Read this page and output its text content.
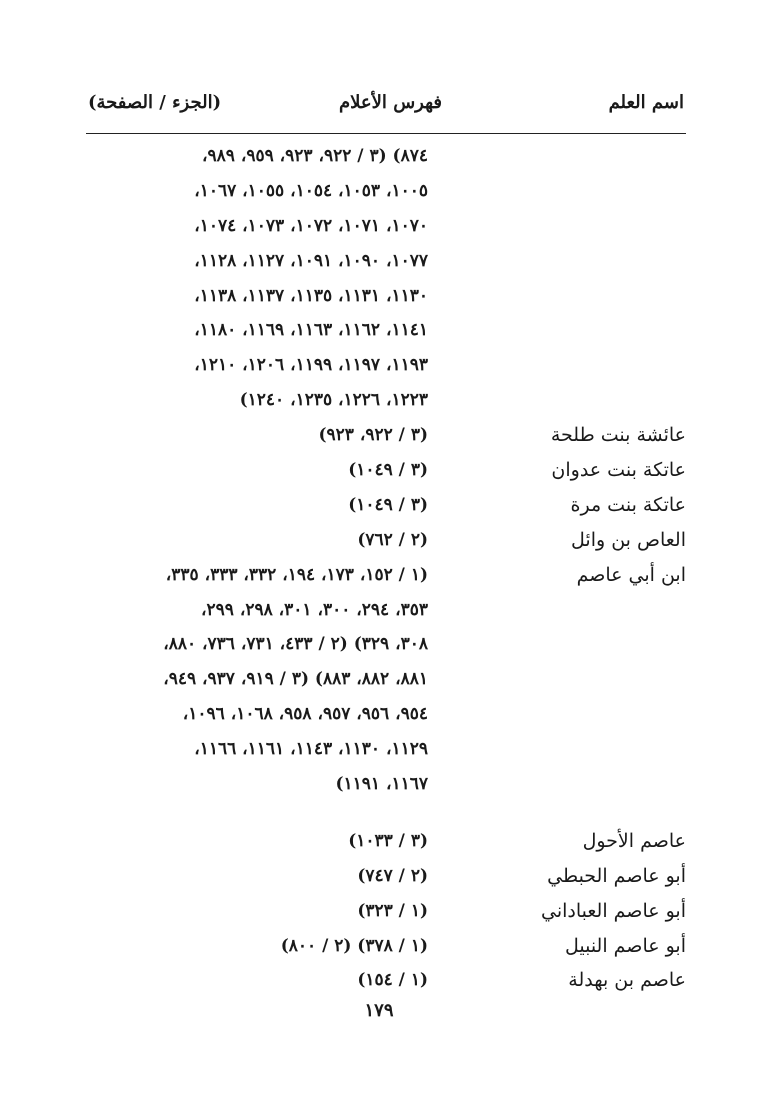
اسم العلم
فهرس الأعلام
(الجزء / الصفحة)
٨٧٤) (٣ / ٩٢٢، ٩٢٣، ٩٥٩، ٩٨٩،
١٠٠٥، ١٠٥٣، ١٠٥٤، ١٠٥٥، ١٠٦٧،
١٠٧٠، ١٠٧١، ١٠٧٢، ١٠٧٣، ١٠٧٤،
١٠٧٧، ١٠٩٠، ١٠٩١، ١١٢٧، ١١٢٨،
١١٣٠، ١١٣١، ١١٣٥، ١١٣٧، ١١٣٨،
١١٤١، ١١٦٢، ١١٦٣، ١١٦٩، ١١٨٠،
١١٩٣، ١١٩٧، ١١٩٩، ١٢٠٦، ١٢١٠،
١٢٢٣، ١٢٢٦، ١٢٣٥، ١٢٤٠)
عائشة بنت طلحة
(٣ / ٩٢٢، ٩٢٣)
عاتكة بنت عدوان
(٣ / ١٠٤٩)
عاتكة بنت مرة
(٣ / ١٠٤٩)
العاص بن وائل
(٢ / ٧٦٢)
ابن أبي عاصم
(١ / ١٥٢، ١٧٣، ١٩٤، ٣٣٢، ٣٣٣، ٣٣٥،
٣٥٣، ٢٩٤، ٣٠٠، ٣٠١، ٢٩٨، ٢٩٩،
٣٠٨، ٣٢٩) (٢ / ٤٣٣، ٧٣١، ٧٣٦، ٨٨٠،
٨٨١، ٨٨٢، ٨٨٣) (٣ / ٩١٩، ٩٣٧، ٩٤٩،
٩٥٤، ٩٥٦، ٩٥٧، ٩٥٨، ١٠٦٨، ١٠٩٦،
١١٢٩، ١١٣٠، ١١٤٣، ١١٦١، ١١٦٦،
١١٦٧، ١١٩١)
عاصم الأحول
(٣ / ١٠٣٣)
أبو عاصم الحبطي
(٢ / ٧٤٧)
أبو عاصم العباداني
(١ / ٣٢٣)
أبو عاصم النبيل
(١ / ٣٧٨) (٢ / ٨٠٠)
عاصم بن بهدلة
(١ / ١٥٤)
١٧٩
